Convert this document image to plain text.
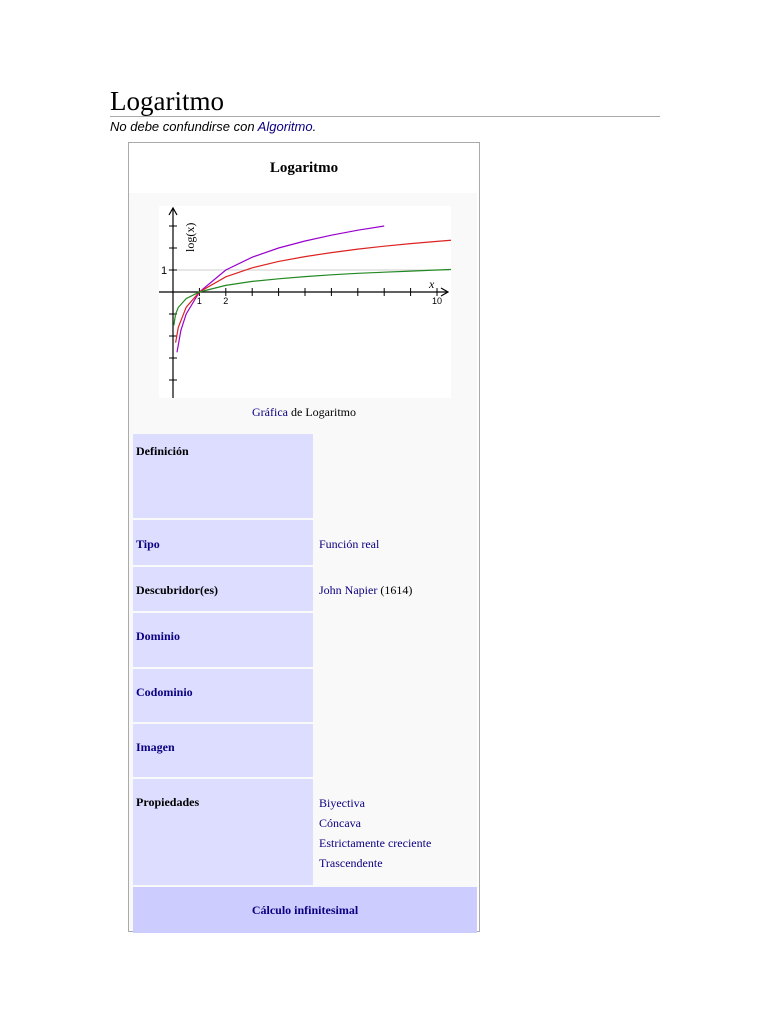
Logaritmo
No debe confundirse con Algoritmo.
Logaritmo
1 2	10
1
x
log(x)
Gráfica de Logaritmo
Definición
Tipo	Función real
Descubridor(es)	John Napier (1614)
Dominio
Codominio
Imagen
Propiedades	Biyectiva
Cóncava
Estrictamente creciente
Trascendente
Cálculo infinitesimal
